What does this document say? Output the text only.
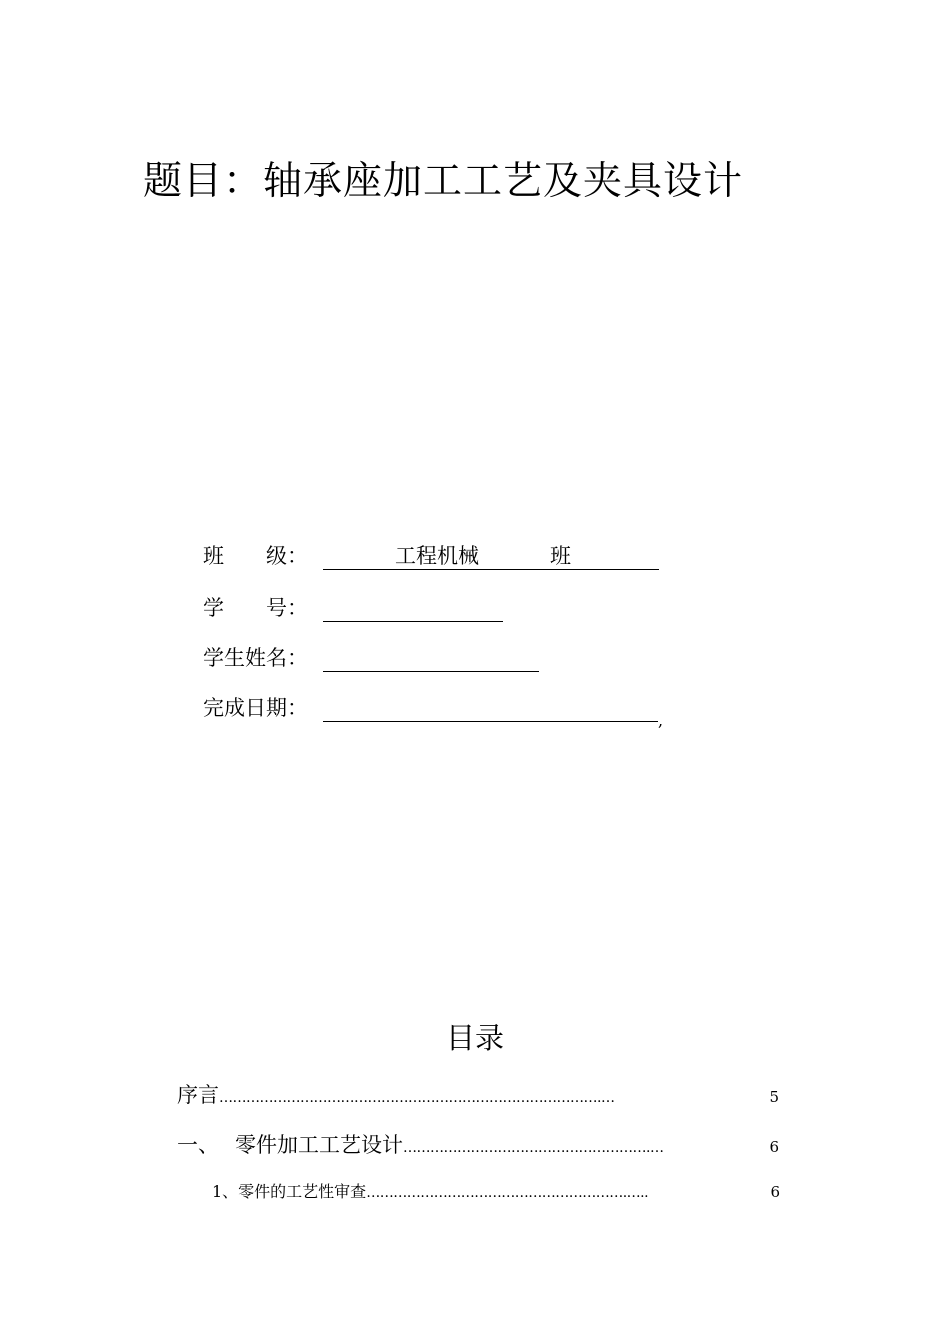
题目：轴承座加工工艺及夹具设计
班　　级：	工程机械	班
学　　号：
学生姓名：
完成日期：
,
目录
序言 ………………………………………………………………………….…	5
一、 零件加工工艺设计 ……………………………………………….…	6
1、零件的工艺性审查 ………………………………………………….…..	6
